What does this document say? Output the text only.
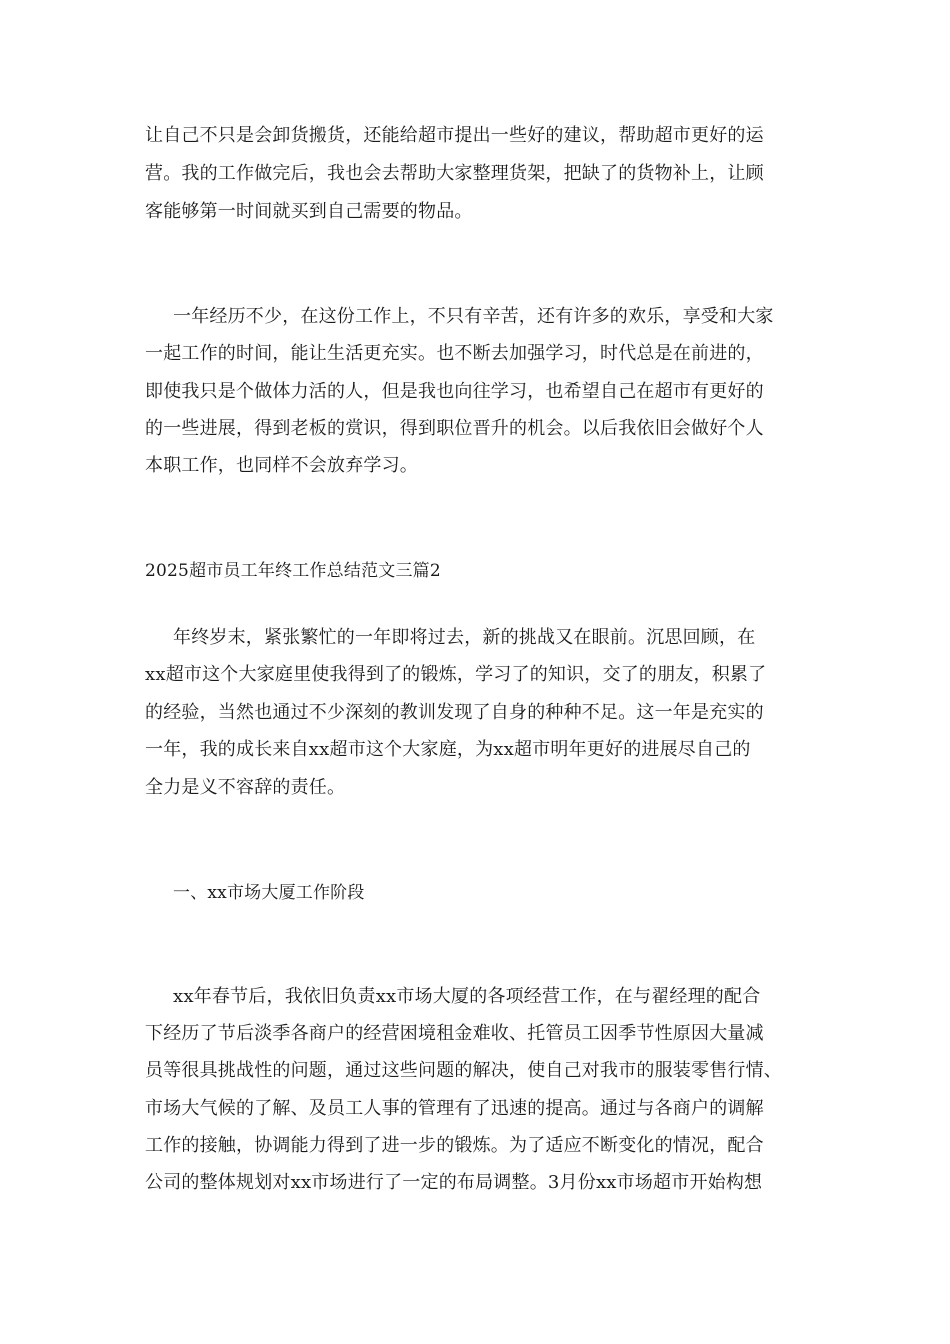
让自己不只是会卸货搬货，还能给超市提出一些好的建议，帮助超市更好的运
营。我的工作做完后，我也会去帮助大家整理货架，把缺了的货物补上，让顾
客能够第一时间就买到自己需要的物品。
一年经历不少，在这份工作上，不只有辛苦，还有许多的欢乐，享受和大家
一起工作的时间，能让生活更充实。也不断去加强学习，时代总是在前进的，
即使我只是个做体力活的人，但是我也向往学习，也希望自己在超市有更好的
的一些进展，得到老板的赏识，得到职位晋升的机会。以后我依旧会做好个人
本职工作，也同样不会放弃学习。
2025超市员工年终工作总结范文三篇2
年终岁末，紧张繁忙的一年即将过去，新的挑战又在眼前。沉思回顾，在
xx超市这个大家庭里使我得到了的锻炼，学习了的知识，交了的朋友，积累了
的经验，当然也通过不少深刻的教训发现了自身的种种不足。这一年是充实的
一年，我的成长来自xx超市这个大家庭，为xx超市明年更好的进展尽自己的
全力是义不容辞的责任。
一、xx市场大厦工作阶段
xx年春节后，我依旧负责xx市场大厦的各项经营工作，在与翟经理的配合
下经历了节后淡季各商户的经营困境租金难收、托管员工因季节性原因大量减
员等很具挑战性的问题，通过这些问题的解决，使自己对我市的服装零售行情、
市场大气候的了解、及员工人事的管理有了迅速的提高。通过与各商户的调解
工作的接触，协调能力得到了进一步的锻炼。为了适应不断变化的情况，配合
公司的整体规划对xx市场进行了一定的布局调整。3月份xx市场超市开始构想
